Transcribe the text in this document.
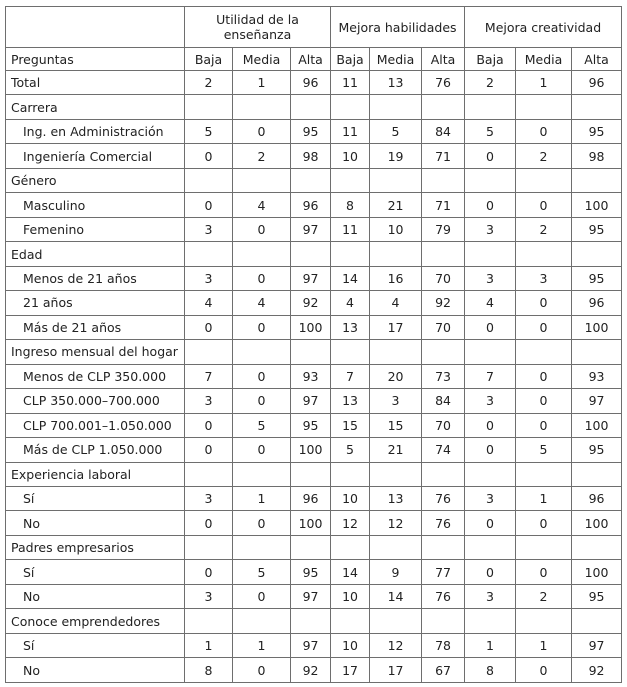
	Utilidad de la enseñanza			Mejora habilidades			Mejora creatividad		
Preguntas	Baja	Media	Alta	Baja	Media	Alta	Baja	Media	Alta
Total	2	1	96	11	13	76	2	1	96
Carrera									
Ing. en Administración	5	0	95	11	5	84	5	0	95
Ingeniería Comercial	0	2	98	10	19	71	0	2	98
Género									
Masculino	0	4	96	8	21	71	0	0	100
Femenino	3	0	97	11	10	79	3	2	95
Edad									
Menos de 21 años	3	0	97	14	16	70	3	3	95
21 años	4	4	92	4	4	92	4	0	96
Más de 21 años	0	0	100	13	17	70	0	0	100
Ingreso mensual del hogar									
Menos de CLP 350.000	7	0	93	7	20	73	7	0	93
CLP 350.000–700.000	3	0	97	13	3	84	3	0	97
CLP 700.001–1.050.000	0	5	95	15	15	70	0	0	100
Más de CLP 1.050.000	0	0	100	5	21	74	0	5	95
Experiencia laboral									
Sí	3	1	96	10	13	76	3	1	96
No	0	0	100	12	12	76	0	0	100
Padres empresarios									
Sí	0	5	95	14	9	77	0	0	100
No	3	0	97	10	14	76	3	2	95
Conoce emprendedores									
Sí	1	1	97	10	12	78	1	1	97
No	8	0	92	17	17	67	8	0	92
